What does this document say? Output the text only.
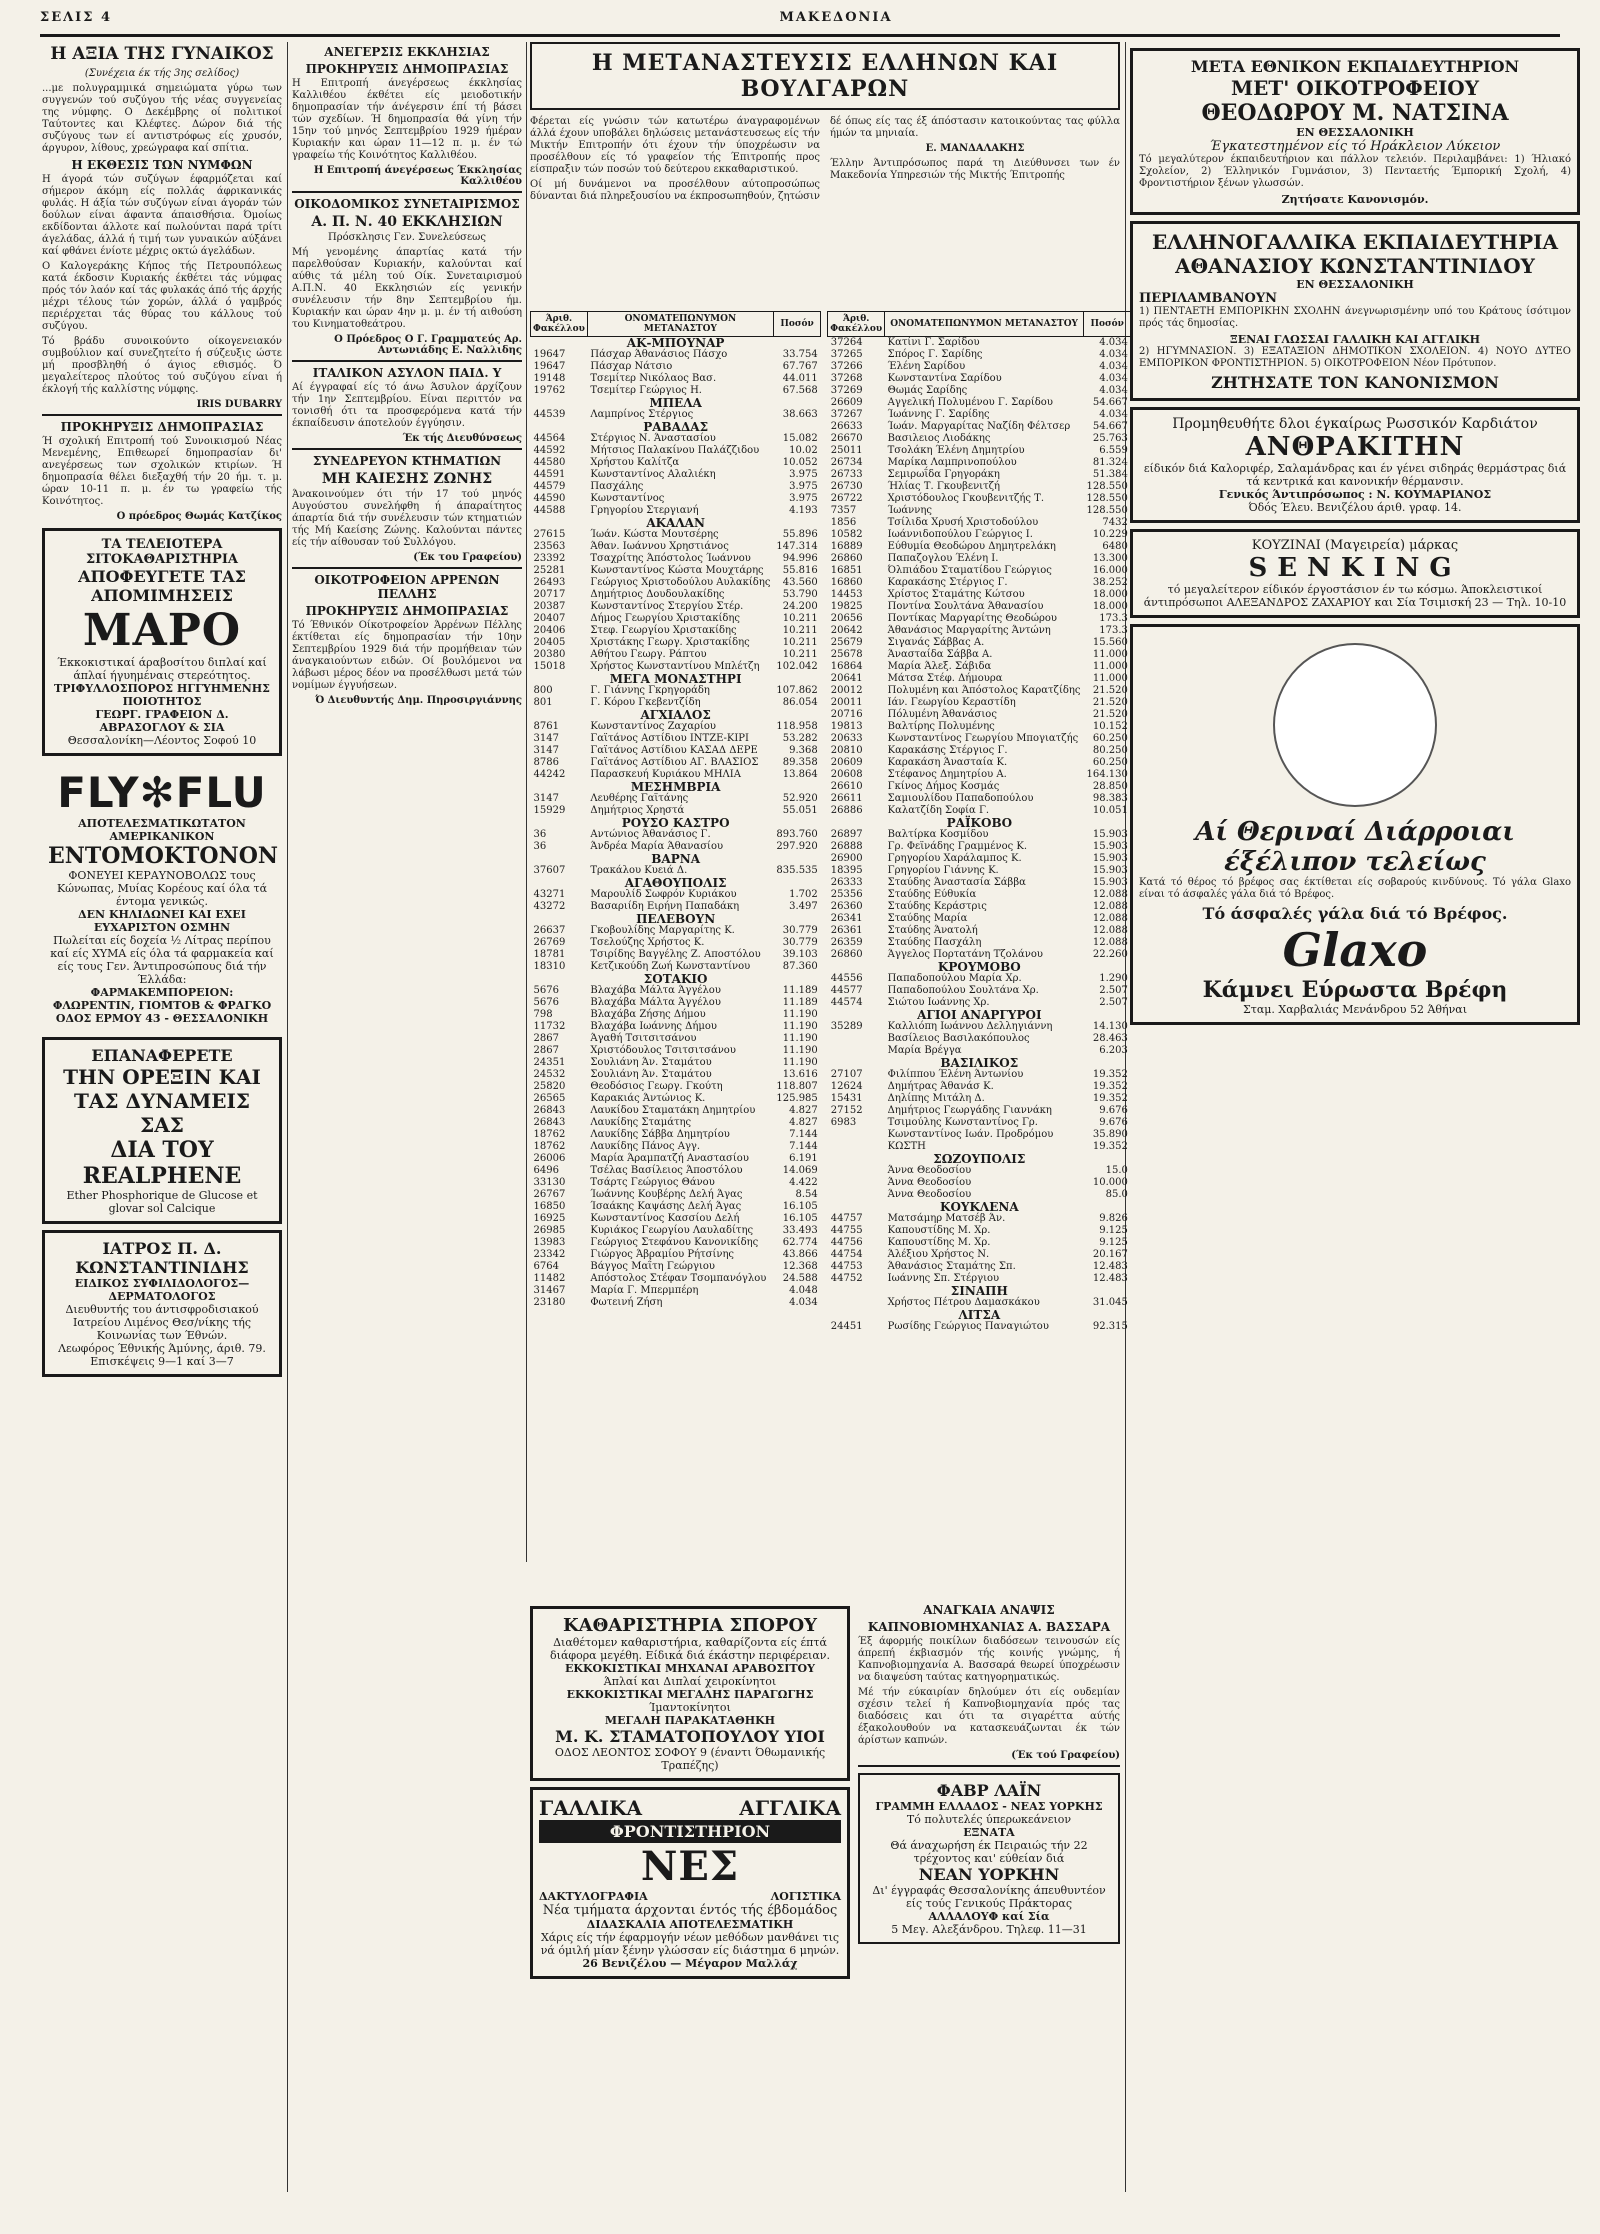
ΣΕΛΙΣ 4	ΜΑΚΕΔΟΝΙΑ
Η ΑΞΙΑ ΤΗΣ ΓΥΝΑΙΚΟΣ

(Συνέχεια έκ τής 3ης σελίδος)

...με πολυγραμμικά σημειώματα γύρω των συγγενών τού συζύγου τής νέας συγγενείας της νύμφης. Ο Δεκέμβρης οί πολιτικοί Ταύτοντες και Κλέφτες. Δώρον διά τής συζύγους των εί αντιστρόφως είς χρυσόν, άργυρον, λίθους, χρεώγραφα καί σπίτια.

Η ΕΚΘΕΣΙΣ ΤΩΝ ΝΥΜΦΩΝ

Η άγορά τών συζύγων έφαρμόζεται καί σήμερον άκόμη είς πολλάς άφρικανικάς φυλάς. Η άξία τών συζύγων είναι άγοράν τών δούλων είναι άφαντα άπαισθήσια. Όμοίως εκδίδονται άλλοτε καί πωλούνται παρά τρίτι άγελάδας, άλλά ή τιμή των γυναικών αύξάνει καί φθάνει ένίοτε μέχρις οκτώ άγελάδων.

Ο Καλογεράκης Κήπος τής Πετρουπόλεως κατά έκδοσιν Κυριακής έκθέτει τάς νύμφας πρός τόν λαόν καί τάς φυλακάς άπό τής άρχής μέχρι τέλους τών χορών, άλλά ό γαμβρός περιέρχεται τάς θύρας του κάλλους τού συζύγου.

Τό βράδυ συνοικούντο οίκογενειακόν συμβούλιον καί συνεζητείτο ή σύζευξις ώστε μή προσβληθή ό άγιος εθισμός. Ό μεγαλείτερος πλούτος τού συζύγου είναι ή έκλογή τής καλλίστης νύμφης.

IRIS DUBARRY
ΠΡΟΚΗΡΥΞΙΣ ΔΗΜΟΠΡΑΣΙΑΣ

Ή σχολική Επιτροπή τού Συνοικισμού Νέας Μενεμένης, Επιθεωρεί δημοπρασίαν δι' ανεγέρσεως των σχολικών κτιρίων. Ή δημοπρασία θέλει διεξαχθή τήν 20 ήμ. τ. μ. ώραν 10-11 π. μ. έν τω γραφείω τής Κοινότητος.

Ο πρόεδρος Θωμάς Κατζίκος
ΤΑ ΤΕΛΕΙΟΤΕΡΑ ΣΙΤΟΚΑΘΑΡΙΣΤΗΡΙΑ
ΑΠΟΦΕΥΓΕΤΕ ΤΑΣ ΑΠΟΜΙΜΗΣΕΙΣ
ΜΑΡΟ
Έκκοκιστικαί άραβοσίτου διπλαί καί άπλαί ήγυημέναις στερεότητος.
ΤΡΙΦΥΛΛΟΣΠΟΡΟΣ ΗΓΓΥΗΜΕΝΗΣ ΠΟΙΟΤΗΤΟΣ
ΓΕΩΡΓ. ΓΡΑΦΕΙΟΝ Δ. ΑΒΡΑΣΟΓΛΟΥ & ΣΙΑ
Θεσσαλονίκη—Λέοντος Σοφού 10
FLY✻FLU
ΑΠΟΤΕΛΕΣΜΑΤΙΚΩΤΑΤΟΝ ΑΜΕΡΙΚΑΝΙΚΟΝ
ΕΝΤΟΜΟΚΤΟΝΟΝ
ΦΟΝΕΥΕΙ ΚΕΡΑΥΝΟΒΟΛΩΣ τους Κώνωπας, Μυίας Κορέους καί όλα τά έντομα γενικώς.
ΔΕΝ ΚΗΛΙΔΩΝΕΙ ΚΑΙ ΕΧΕΙ ΕΥΧΑΡΙΣΤΟΝ ΟΣΜΗΝ
Πωλείται είς δοχεία ½ Λίτρας περίπου καί είς ΧΥΜΑ είς όλα τά φαρμακεία καί είς τους Γεν. Άντιπροσώπους διά τήν Έλλάδα:
ΦΑΡΜΑΚΕΜΠΟΡΕΙΟΝ: ΦΛΩΡΕΝΤΙΝ, ΓΙΟΜΤΟΒ & ΦΡΑΓΚΟ
ΟΔΟΣ ΕΡΜΟΥ 43 - ΘΕΣΣΑΛΟΝΙΚΗ
ΕΠΑΝΑΦΕΡΕΤΕ
ΤΗΝ ΟΡΕΞΙΝ ΚΑΙ ΤΑΣ ΔΥΝΑΜΕΙΣ ΣΑΣ
ΔΙΑ ΤΟΥ REALPHENE
Ether Phosphorique de Glucose et glovar sol Calcique
ΙΑΤΡΟΣ Π. Δ. ΚΩΝΣΤΑΝΤΙΝΙΔΗΣ
ΕΙΔΙΚΟΣ ΣΥΦΙΛΙΔΟΛΟΓΟΣ—ΔΕΡΜΑΤΟΛΟΓΟΣ
Διευθυντής του άντισφροδισιακού Ιατρείου Λιμένος Θεσ/νίκης τής Κοινωνίας των Έθνών.
Λεωφόρος Έθνικής Άμύνης, άριθ. 79. Επισκέψεις 9—1 καί 3—7
ΑΝΕΓΕΡΣΙΣ ΕΚΚΛΗΣΙΑΣ
ΠΡΟΚΗΡΥΞΙΣ ΔΗΜΟΠΡΑΣΙΑΣ

Η Επιτροπή άνεγέρσεως έκκλησίας Καλλιθέου έκθέτει είς μειοδοτικήν δημοπρασίαν τήν άνέγερσιν έπί τή βάσει τών σχεδίων. Ή δημοπρασία θά γίνη τήν 15ην τού μηνός Σεπτεμβρίου 1929 ήμέραν Κυριακήν και ώραν 11—12 π. μ. έν τώ γραφείω τής Κοινότητος Καλλιθέου.

Η Επιτροπή άνεγέρσεως Έκκλησίας Καλλιθέου
ΟΙΚΟΔΟΜΙΚΟΣ ΣΥΝΕΤΑΙΡΙΣΜΟΣ
Α. Π. Ν. 40 ΕΚΚΛΗΣΙΩΝ

Πρόσκλησις Γεν. Συνελεύσεως

Μή γενομένης άπαρτίας κατά τήν παρελθούσαν Κυριακήν, καλούνται καί αύθις τά μέλη τού Οίκ. Συνεταιρισμού Α.Π.Ν. 40 Εκκλησιών είς γενικήν συνέλευσιν τήν 8ην Σεπτεμβρίου ήμ. Κυριακήν και ώραν 4ην μ. μ. έν τή αιθούση του Κινηματοθεάτρου.

Ο Πρόεδρος Ο Γ. Γραμματεύς Αρ. Αντωνιάδης Ε. Ναλλιδης
ΙΤΑΛΙΚΟΝ ΑΣΥΛΟΝ ΠΑΙΔ. Υ

Αί έγγραφαί είς τό άνω Άσυλον άρχίζουν τήν 1ην Σεπτεμβρίου. Είναι περιττόν να τονισθή ότι τα προσφερόμενα κατά τήν έκπαίδευσιν άποτελούν έγγύησιν.

Έκ τής Διευθύνσεως
ΣΥΝΕΔΡΕΥΟΝ ΚΤΗΜΑΤΙΩΝ
ΜΗ ΚΑΙΕΣΗΣ ΖΩΝΗΣ

Άνακοινούμεν ότι τήν 17 τού μηνός Αυγούστου συνελήφθη ή άπαραίτητος άπαρτία διά τήν συνέλευσιν τών κτηματιών τής Μή Καείσης Ζώνης. Καλούνται πάντες είς τήν αίθουσαν τού Συλλόγου.

(Έκ του Γραφείου)
ΟΙΚΟΤΡΟΦΕΙΟΝ ΑΡΡΕΝΩΝ ΠΕΛΛΗΣ
ΠΡΟΚΗΡΥΞΙΣ ΔΗΜΟΠΡΑΣΙΑΣ

Τό Έθνικόν Οίκοτροφείον Άρρένων Πέλλης έκτίθεται είς δημοπρασίαν τήν 10ην Σεπτεμβρίου 1929 διά τήν προμήθειαν τών άναγκαιούντων ειδών. Οί βουλόμενοι να λάβωσι μέρος δέον να προσέλθωσι μετά τών νομίμων έγγυήσεων.

Ό Διευθυντής Δημ. Πηροσιργιάννης
Η ΜΕΤΑΝΑΣΤΕΥΣΙΣ ΕΛΛΗΝΩΝ ΚΑΙ ΒΟΥΛΓΑΡΩΝ

Φέρεται είς γνώσιν τών κατωτέρω άναγραφομένων άλλά έχουν υποβάλει δηλώσεις μετανάστευσεως είς τήν Μικτήν Επιτροπήν ότι έχουν τήν ύποχρέωσιν να προσέλθουν είς τό γραφείον τής Έπιτροπής προς είσπραξιν τών ποσών τού δεύτερου εκκαθαριστικού.

Οί μή δυνάμενοι να προσέλθουν αύτοπροσώπως δύνανται διά πληρεξουσίου να έκπροσωπηθούν, ζητώσιν δέ όπως είς τας έξ άπόστασιν κατοικούντας τας φύλλα ήμών τα μηνιαία.

Ε. ΜΑΝΔΑΛΑΚΗΣ

Έλλην Άντιπρόσωπος παρά τη Διεύθυνσει των έν Μακεδονία Υπηρεσιών τής Μικτής Έπιτροπής

Άριθ. Φακέλλου	ΟΝΟΜΑΤΕΠΩΝΥΜΟΝ ΜΕΤΑΝΑΣΤΟΥ	Ποσόν
ΑΚ-ΜΠΟΥΝΑΡ		
19647	Πάσχαρ Άθανάσιος Πάσχο	33.754
19647	Πάσχαρ Νάτσιο	67.767
19148	Τσεμίτερ Νικόλαος Βασ.	44.011
19762	Τσεμίτερ Γεώργιος Η.	67.568
ΜΠΕΛΑ		
44539	Λαμπρίνος Στέργιος	38.663
ΡΑΒΑΔΑΣ		
44564	Στέργιος Ν. Άναστασίου	15.082
44592	Μήτσιος Παλακίνου Παλάζζιδου	10.02
44580	Χρήστου Καλίτζα	10.052
44591	Κωνσταντίνος Αλαλιέκη	3.975
44579	Πασχάλης	3.975
44590	Κωνσταντίνος	3.975
44588	Γρηγορίου Στεργιανή	4.193
ΑΚΑΛΑΝ		
27615	Ίωάν. Κώστα Μουτσέρης	55.896
23563	Άθαν. Ιωάννου Χρηστιάνος	147.314
23392	Τσαχρίτης Άπόστολος Ίωάννου	94.996
25281	Κωνσταντίνος Κώστα Μουχτάρης	55.816
26493	Γεώργιος Χριστοδούλου Αυλακίδης	43.560
20717	Δημήτριος Δουδουλακίδης	53.790
20387	Κωνσταντίνος Στεργίου Στέρ.	24.200
20407	Δήμος Γεωργίου Χριστακίδης	10.211
20406	Στεφ. Γεωργίου Χριστακίδης	10.211
20405	Χριστάκης Γεωργ. Χριστακίδης	10.211
20380	Αθήτου Γεωργ. Ράπτου	10.211
15018	Χρήστος Κωνσταντίνου Μπλέτζη	102.042
ΜΕΓΑ ΜΟΝΑΣΤΗΡΙ		
800	Γ. Γιάννης Γκρηγοράδη	107.862
801	Γ. Κόρου Γκεβεντζίδη	86.054
ΑΓΧΙΑΛΟΣ		
8761	Κωνσταντίνος Ζαχαρίου	118.958
3147	Γαϊτάνος Αστίδιου ΙΝΤΖΕ-ΚΙΡΙ	53.282
3147	Γαϊτάνος Αστίδιου ΚΑΣΑΔ ΔΕΡΕ	9.368
8786	Γαϊτάνος Αστίδιου ΑΓ. ΒΛΑΣΙΟΣ	89.358
44242	Παρασκευή Κυριάκου ΜΗΛΙΑ	13.864
ΜΕΣΗΜΒΡΙΑ		
3147	Λευθέρης Γαϊτάνης	52.920
15929	Δημήτριος Χρηστά	55.051
ΡΟΥΣΟ ΚΑΣΤΡΟ		
36	Αντώνιος Άθανάσιος Γ.	893.760
36	Άνδρέα Μαρία Άθανασίου	297.920
ΒΑΡΝΑ		
37607	Τρακάλου Κυειά Δ.	835.535
ΑΓΑΘΟΥΠΟΛΙΣ		
43271	Μαρουλίδ Σωφρόν Κυριάκου	1.702
43272	Βασαριίδη Ειρήνη Παπαδάκη	3.497
ΠΕΛΕΒΟΥΝ		
26637	Γκοβουλίδης Μαργαρίτης Κ.	30.779
26769	Τσελούζης Χρήστος Κ.	30.779
18781	Τσιρίδης Βαγγέλης Ζ. Αποστόλου	39.103
18310	Κετζικούδη Ζωή Κωνσταντίνου	87.360
ΣΟΤΑΚΙΟ		
5676	Βλαχάβα Μάλτα Άγγέλου	11.189
5676	Βλαχάβα Μάλτα Άγγέλου	11.189
798	Βλαχάβα Ζήσης Δήμου	11.190
11732	Βλαχάβα Ιωάννης Δήμου	11.190
2867	Άγαθή Τσιτσιτσάνου	11.190
2867	Χριστόδουλος Τσιτσιτσάνου	11.190
24351	Σουλιάνη Άν. Σταμάτου	11.190
24532	Σουλιάνη Άν. Σταμάτου	13.616
25820	Θεοδόσιος Γεωργ. Γκούτη	118.807
26565	Καρακιάς Άντώνιος Κ.	125.985
26843	Λαυκίδου Σταματάκη Δημητρίου	4.827
26843	Λαυκίδης Σταμάτης	4.827
18762	Λαυκίδης Σάββα Δημητρίου	7.144
18762	Λαυκίδης Πάνος Αγγ.	7.144
26006	Μαρία Άραμπατζή Αναστασίου	6.191
6496	Τσέλας Βασίλειος Άποστόλου	14.069
33130	Τσάρτς Γεώργιος Θάνου	4.422
26767	Ίωάννης Κουβέρης Δελή Άγας	8.54
16850	Ίσαάκης Καψάσης Δελή Άγας	16.105
16925	Κωνσταντίνος Κασσίου Δελή	16.105
26985	Κυριάκος Γεωργίου Λαυλαδίτης	33.493
13983	Γεώργιος Στεφάνου Κανονικίδης	62.774
23342	Γιώργος Άβραμίου Ρήτσίνης	43.866
6764	Βάγγος Μαΐτη Γεώργιου	12.368
11482	Απόστολος Στέφαν Τσομπανόγλου	24.588
31467	Μαρία Γ. Μπερμπέρη	4.048
23180	Φωτεινή Ζήση	4.034
Άριθ. Φακέλλου	ΟΝΟΜΑΤΕΠΩΝΥΜΟΝ ΜΕΤΑΝΑΣΤΟΥ	Ποσόν
37264	Κατίνι Γ. Σαρίδου	4.034
37265	Σπόρος Γ. Σαρίδης	4.034
37266	Έλένη Σαρίδου	4.034
37268	Κωνσταντίνα Σαρίδου	4.034
37269	Θωμάς Σαρίδης	4.034
26609	Αγγελική Πολυμένου Γ. Σαρίδου	54.667
37267	Ίωάννης Γ. Σαρίδης	4.034
26633	Ίωάν. Μαργαρίτας Ναζίδη Φέλτσερ	54.667
26670	Βασιλειος Λιοδάκης	25.763
25011	Τσολάκη Έλένη Δημητρίου	6.559
26734	Μαρίκα Λαμπρινοπούλου	81.324
26733	Σεμιρωΐδα Γρηγοράκη	51.384
26730	Ήλίας Τ. Γκουβενιτζή	128.550
26722	Χριστόδουλος Γκουβενιτζής Τ.	128.550
7357	Ίωάννης	128.550
1856	Τσίλιδα Χρυσή Χριστοδούλου	7432
10582	Ιωάννιδοπούλου Γεώργιος Ι.	10.229
16889	Εύθυμία Θεοδώρου Δημητρελάκη	6480
26860	Παπαζογλου Έλένη Ι.	13.300
16851	Όλπιάδου Σταματίδου Γεώργιος	16.000
16860	Καρακάσης Στέργιος Γ.	38.252
14453	Χρίστος Σταμάτης Κώτσου	18.000
19825	Ποντίνα Σουλτάνα Άθανασίου	18.000
20656	Ποντίκας Μαργαρίτης Θεοδώρου	173.3
20642	Άθανάσιος Μαργαρίτης Άντώνη	173.3
25679	Σιγανάς Σάββας Α.	15.560
25678	Άνασταίδα Σάββα Α.	11.000
16864	Μαρία Άλεξ. Σάβιδα	11.000
20641	Μάτσα Στέφ. Δήμουρα	11.000
20012	Πολυμένη και Άπόστολος Καρατζίδης	21.520
20011	Ιάν. Γεωργίου Κεραστίδη	21.520
20716	Πόλυμένη Άθανάσιος	21.520
19813	Βαλτίρης Πολυμένης	10.152
20633	Κωνσταντίνος Γεωργίου Μπογιατζής	60.250
20810	Καρακάσης Στέργιος Γ.	80.250
20609	Καρακάση Άνασταία Κ.	60.250
20608	Στέφανος Δημητρίου Α.	164.130
26610	Γκίνος Δήμος Κοσμάς	28.850
26611	Σαμιουλίδου Παπαδοπούλου	98.383
26886	Καλατζίδη Σοφία Γ.	10.051
ΡΑΪΚΟΒΟ		
26897	Βαλτίρκα Κοσμίδου	15.903
26888	Γρ. Φεϊνάδης Γραμμένος Κ.	15.903
26900	Γρηγορίου Χαράλαμπος Κ.	15.903
18395	Γρηγορίου Γιάννης Κ.	15.903
26333	Σταύδης Άναστασία Σάββα	15.903
25356	Σταύδης Εύθυκία	12.088
26360	Σταύδης Κεράστρις	12.088
26341	Σταύδης Μαρία	12.088
26361	Σταύδης Άνατολή	12.088
26359	Σταύδης Πασχάλη	12.088
26860	Άγγελος Πορτατάνη Τζολάνου	22.260
ΚΡΟΥΜΟΒΟ		
44556	Παπαδοπούλου Μαρία Χρ.	1.290
44577	Παπαδοπούλου Σουλτάνα Χρ.	2.507
44574	Σιώτου Ιωάννης Χρ.	2.507
ΑΓΙΟΙ ΑΝΑΡΓΥΡΟΙ		
35289	Καλλιόπη Ιωάννου Δελληγιάννη	14.130
	Βασίλειος Βασιλακόπουλος	28.463
	Μαρία Βρέγγα	6.203
ΒΑΣΙΛΙΚΟΣ		
27107	Φιλίππου Έλένη Άντωνίου	19.352
12624	Δημήτρας Άθανάσ Κ.	19.352
15431	Δηλίπης Μιτάλη Δ.	19.352
27152	Δημήτριος Γεωργάδης Γιαννάκη	9.676
6983	Τσιμούλης Κωνσταντίνος Γρ.	9.676
	Κωνσταντίνος Ιωάν. Προδρόμου	35.890
	ΚΩΣΤΗ	19.352
ΣΩΖΟΥΠΟΛΙΣ		
	Άννα Θεοδοσίου	15.0
	Άννα Θεοδοσίου	10.000
	Άννα Θεοδοσίου	85.0
ΚΟΥΚΛΕΝΑ		
44757	Ματσάμηρ Ματσέβ Άν.	9.826
44755	Καπουστίδης Μ. Χρ.	9.125
44756	Καπουστίδης Μ. Χρ.	9.125
44754	Άλέξιου Χρήστος Ν.	20.167
44753	Άθανάσιος Σταμάτης Σπ.	12.483
44752	Ιωάννης Σπ. Στέργιου	12.483
ΣΙΝΑΠΗ		
	Χρήστος Πέτρου Δαμασκάκου	31.045
ΛΙΤΣΑ		
24451	Ρωσίδης Γεώργιος Παναγιώτου	92.315
ΜΕΤΑ ΕΘΝΙΚΟΝ ΕΚΠΑΙΔΕΥΤΗΡΙΟΝ
ΜΕΤ' ΟΙΚΟΤΡΟΦΕΙΟΥ
ΘΕΟΔΩΡΟΥ Μ. ΝΑΤΣΙΝΑ
ΕΝ ΘΕΣΣΑΛΟΝΙΚΗ
Έγκατεστημένον είς τό Ηράκλειον Λύκειον

Τό μεγαλύτερον έκπαιδευτήριον και πάλλον τελειόν. Περιλαμβάνει: 1) Ήλιακό Σχολείον, 2) Έλληνικόν Γυμνάσιον, 3) Πενταετής Έμπορική Σχολή, 4) Φροντιστήριον ξένων γλωσσών.

Ζητήσατε Κανονισμόν.
ΕΛΛΗΝΟΓΑΛΛΙΚΑ ΕΚΠΑΙΔΕΥΤΗΡΙΑ
ΑΘΑΝΑΣΙΟΥ ΚΩΝΣΤΑΝΤΙΝΙΔΟΥ
ΕΝ ΘΕΣΣΑΛΟΝΙΚΗ
ΠΕΡΙΛΑΜΒΑΝΟΥΝ

1) ΠΕΝΤΑΕΤΗ ΕΜΠΟΡΙΚΗΝ ΣΧΟΛΗΝ άνεγνωρισμένην υπό του Κράτους ίσότιμον πρός τάς δημοσίας.

ΞΕΝΑΙ ΓΛΩΣΣΑΙ ΓΑΛΛΙΚΗ ΚΑΙ ΑΓΓΛΙΚΗ

2) ΗΓΥΜΝΑΣΙΟΝ. 3) ΕΞΑΤΑΞΙΟΝ ΔΗΜΟΤΙΚΟΝ ΣΧΟΛΕΙΟΝ. 4) ΝΟΥΟ ΔΥΤΕΟ ΕΜΠΟΡΙΚΟΝ ΦΡΟΝΤΙΣΤΗΡΙΟΝ. 5) ΟΙΚΟΤΡΟΦΕΙΟΝ Νέον Πρότυπον.

ΖΗΤΗΣΑΤΕ ΤΟΝ ΚΑΝΟΝΙΣΜΟΝ
Προμηθευθήτε δλοι έγκαίρως Ρωσσικόν Καρδιάτον
ΑΝΘΡΑΚΙΤΗΝ
είδικόν διά Καλοριφέρ, Σαλαμάνδρας και έν γένει σιδηράς θερμάστρας διά τά κεντρικά και κανονικήν θέρμανσιν.
Γενικός Άντιπρόσωπος : Ν. ΚΟΥΜΑΡΙΑΝΟΣ
Όδός Έλευ. Βενιζέλου άριθ. γραφ. 14.
ΚΟΥΖΙΝΑΙ (Μαγειρεία) μάρκας
SENKING
τό μεγαλείτερον είδικόν έργοστάσιον έν τω κόσμω. Άποκλειστικοί άντιπρόσωποι ΑΛΕΞΑΝΔΡΟΣ ΖΑΧΑΡΙΟΥ και Σία Τσιμισκή 23 — Τηλ. 10-10
Αί Θεριναί Διάρροιαι έξέλιπον τελείως

Κατά τό θέρος τό βρέφος σας έκτίθεται είς σοβαρούς κινδύνους. Τό γάλα Glaxo είναι τό άσφαλές γάλα διά τό Βρέφος.

Τό άσφαλές γάλα διά τό Βρέφος.
Glaxo
Κάμνει Εύρωστα Βρέφη
Σταμ. Χαρβαλιάς Μενάνδρου 52 Άθήναι
ΚΑΘΑΡΙΣΤΗΡΙΑ ΣΠΟΡΟΥ
Διαθέτομεν καθαριστήρια, καθαρίζοντα είς έπτά διάφορα μεγέθη. Είδικά διά έκάστην περιφέρειαν.
ΕΚΚΟΚΙΣΤΙΚΑΙ ΜΗΧΑΝΑΙ ΑΡΑΒΟΣΙΤΟΥ
Άπλαί και Διπλαί χειροκίνητοι
ΕΚΚΟΚΙΣΤΙΚΑΙ ΜΕΓΑΛΗΣ ΠΑΡΑΓΩΓΗΣ
Ίμαντοκίνητοι
ΜΕΓΑΛΗ ΠΑΡΑΚΑΤΑΘΗΚΗ
Μ. Κ. ΣΤΑΜΑΤΟΠΟΥΛΟΥ ΥΙΟΙ
ΟΔΟΣ ΛΕΟΝΤΟΣ ΣΟΦΟΥ 9 (έναντι Όθωμανικής Τραπέζης)
ΓΑΛΛΙΚΑ	ΑΓΓΛΙΚΑ
ΦΡΟΝΤΙΣΤΗΡΙΟΝ
ΝΕΣ
ΔΑΚΤΥΛΟΓΡΑΦΙΑ	ΛΟΓΙΣΤΙΚΑ
Νέα τμήματα άρχονται έντός τής έβδομάδος
ΔΙΔΑΣΚΑΛΙΑ ΑΠΟΤΕΛΕΣΜΑΤΙΚΗ
Χάρις είς τήν έφαρμογήν νέων μεθόδων μανθάνει τις νά όμιλή μίαν ξένην γλώσσαν είς διάστημα 6 μηνών.
26 Βενιζέλου — Μέγαρον Μαλλάχ
ΑΝΑΓΚΑΙΑ ΑΝΑΨΙΣ
ΚΑΠΝΟΒΙΟΜΗΧΑΝΙΑΣ Α. ΒΑΣΣΑΡΑ

Έξ άφορμής ποικίλων διαδόσεων τεινουσών είς άπρεπή έκβιασμόν τής κοινής γνώμης, ή Καπνοβιομηχανία Α. Βασσαρά θεωρεί ύποχρέωσιν να διαψεύση ταύτας κατηγορηματικώς.

Μέ τήν εύκαιρίαν δηλούμεν ότι είς ουδεμίαν σχέσιν τελεί ή Καπνοβιομηχανία πρός τας διαδόσεις και ότι τα σιγαρέττα αύτής έξακολουθούν να κατασκευάζωνται έκ τών άρίστων καπνών.

(Έκ τού Γραφείου)
ΦΑΒΡ ΛΑΪΝ
ΓΡΑΜΜΗ ΕΛΛΑΔΟΣ - ΝΕΑΣ ΥΟΡΚΗΣ
Τό πολυτελές ύπερωκεάνειον
ΕΞΝΑΤΑ
Θά άναχωρήση έκ Πειραιώς τήν 22 τρέχοντος και' εύθείαν διά
ΝΕΑΝ ΥΟΡΚΗΝ
Δι' έγγραφάς Θεσσαλονίκης άπευθυντέον είς τούς Γενικούς Πράκτορας
ΑΛΛΑΛΟΥΦ καί Σία
5 Μεγ. Αλεξάνδρου. Τηλεφ. 11—31
